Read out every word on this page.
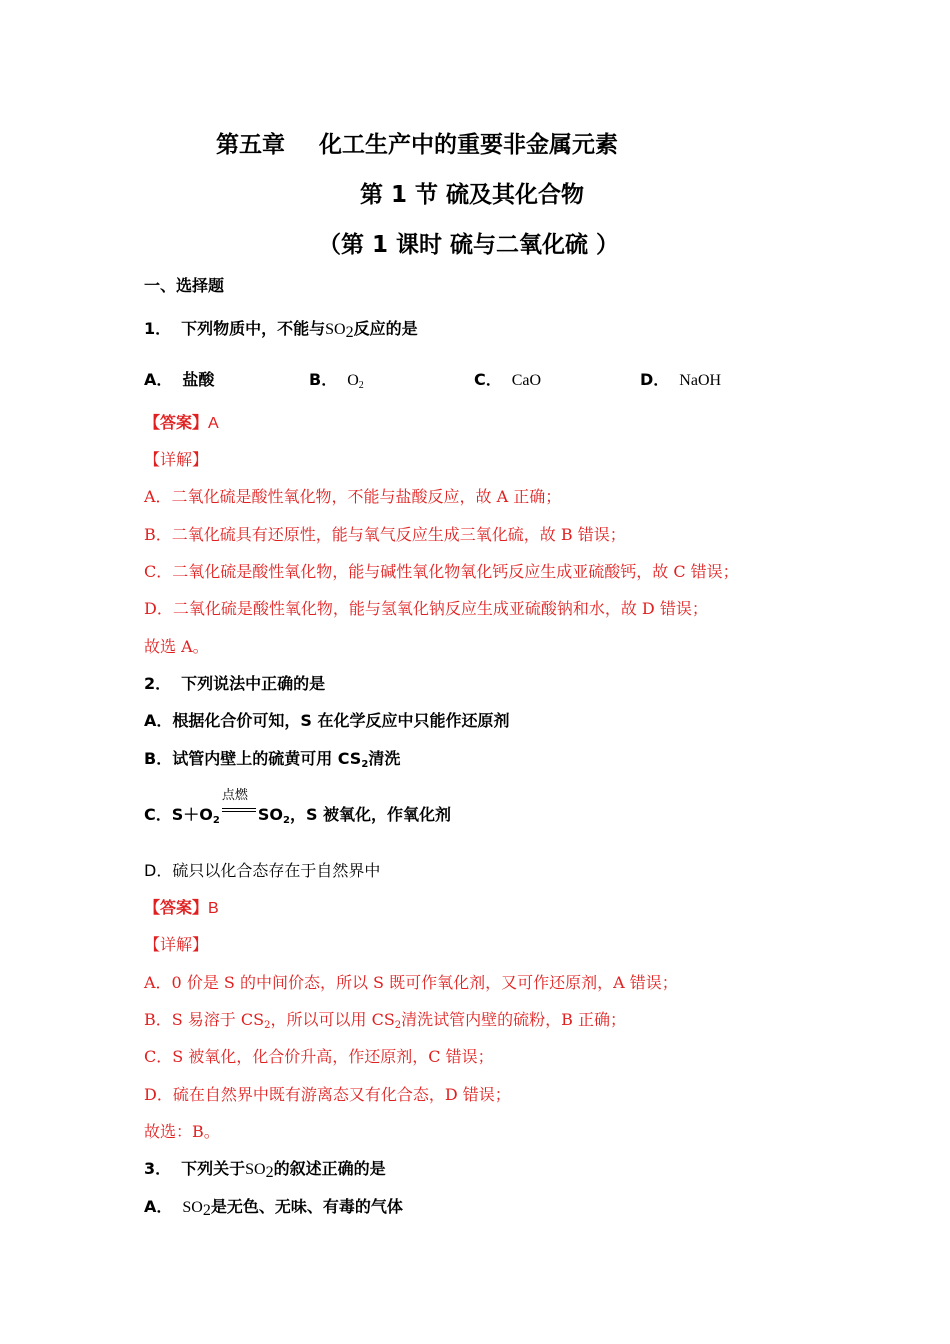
第五章 化工生产中的重要非金属元素
第 1 节 硫及其化合物
（第 1 课时 硫与二氧化硫 ）
一、选择题
1． 下列物质中，不能与$SO_2$反应的是
A． 盐酸	B． $O_2$	C． CaO	D． NaOH
【答案】A
【详解】
A．二氧化硫是酸性氧化物，不能与盐酸反应，故 A 正确；
B．二氧化硫具有还原性，能与氧气反应生成三氧化硫，故 B 错误；
C．二氧化硫是酸性氧化物，能与碱性氧化物氧化钙反应生成亚硫酸钙，故 C 错误；
D．二氧化硫是酸性氧化物，能与氢氧化钠反应生成亚硫酸钠和水，故 D 错误；
故选 A。
2． 下列说法中正确的是
A．根据化合价可知，S 在化学反应中只能作还原剂
B．试管内壁上的硫黄可用 $CS_2$清洗
C．$S+O_2$
点燃
$SO_2$，S 被氧化，作氧化剂
D．硫只以化合态存在于自然界中
【答案】B
【详解】
A．0 价是 S 的中间价态，所以 S 既可作氧化剂，又可作还原剂，A 错误；
B．S 易溶于 $CS_2$，所以可以用 $CS_2$清洗试管内壁的硫粉，B 正确；
C．S 被氧化，化合价升高，作还原剂，C 错误；
D．硫在自然界中既有游离态又有化合态，D 错误；
故选：B。
3． 下列关于$SO_2$的叙述正确的是
A． $SO_2$是无色、无味、有毒的气体
